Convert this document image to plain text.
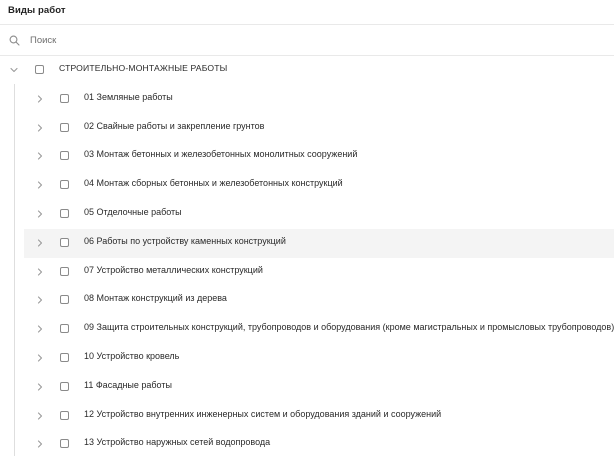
Виды работ
Поиск
СТРОИТЕЛЬНО-МОНТАЖНЫЕ РАБОТЫ
01 Земляные работы
02 Свайные работы и закрепление грунтов
03 Монтаж бетонных и железобетонных монолитных сооружений
04 Монтаж сборных бетонных и железобетонных конструкций
05 Отделочные работы
06 Работы по устройству каменных конструкций
07 Устройство металлических конструкций
08 Монтаж конструкций из дерева
09 Защита строительных конструкций, трубопроводов и оборудования (кроме магистральных и промысловых трубопроводов)
10 Устройство кровель
11 Фасадные работы
12 Устройство внутренних инженерных систем и оборудования зданий и сооружений
13 Устройство наружных сетей водопровода
